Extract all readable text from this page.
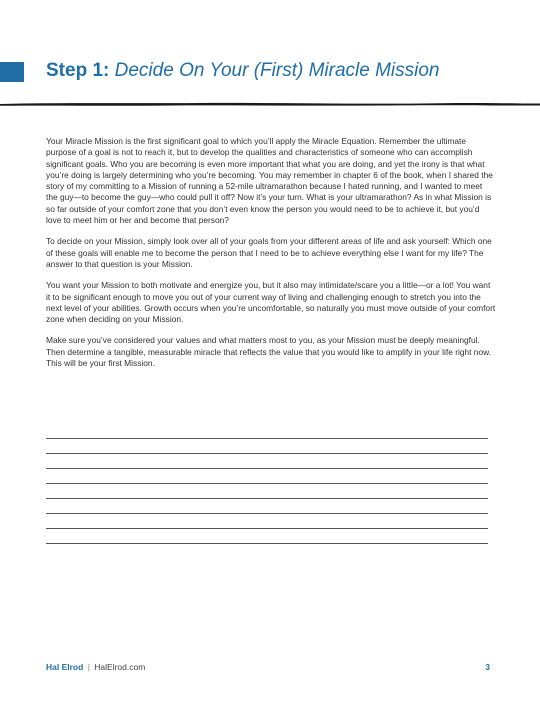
Step 1: Decide On Your (First) Miracle Mission

Your Miracle Mission is the first significant goal to which you’ll apply the Miracle Equation. Remember the ultimate purpose of a goal is not to reach it, but to develop the qualities and characteristics of someone who can accomplish significant goals. Who you are becoming is even more important that what you are doing, and yet the irony is that what you’re doing is largely determining who you’re becoming. You may remember in chapter 6 of the book, when I shared the story of my committing to a Mission of running a 52-mile ultramarathon because I hated running, and I wanted to meet the guy—to become the guy—who could pull it off? Now it’s your turn. What is your ultramarathon? As in what Mission is so far outside of your comfort zone that you don’t even know the person you would need to be to achieve it, but you’d love to meet him or her and become that person?

To decide on your Mission, simply look over all of your goals from your different areas of life and ask yourself: Which one of these goals will enable me to become the person that I need to be to achieve everything else I want for my life? The answer to that question is your Mission.

You want your Mission to both motivate and energize you, but it also may intimidate/scare you a little—or a lot! You want it to be significant enough to move you out of your current way of living and challenging enough to stretch you into the next level of your abilities. Growth occurs when you’re uncomfortable, so naturally you must move outside of your comfort zone when deciding on your Mission.

Make sure you’ve considered your values and what matters most to you, as your Mission must be deeply meaningful. Then determine a tangible, measurable miracle that reflects the value that you would like to amplify in your life right now. This will be your first Mission.

Hal Elrod | HalElrod.com	3
